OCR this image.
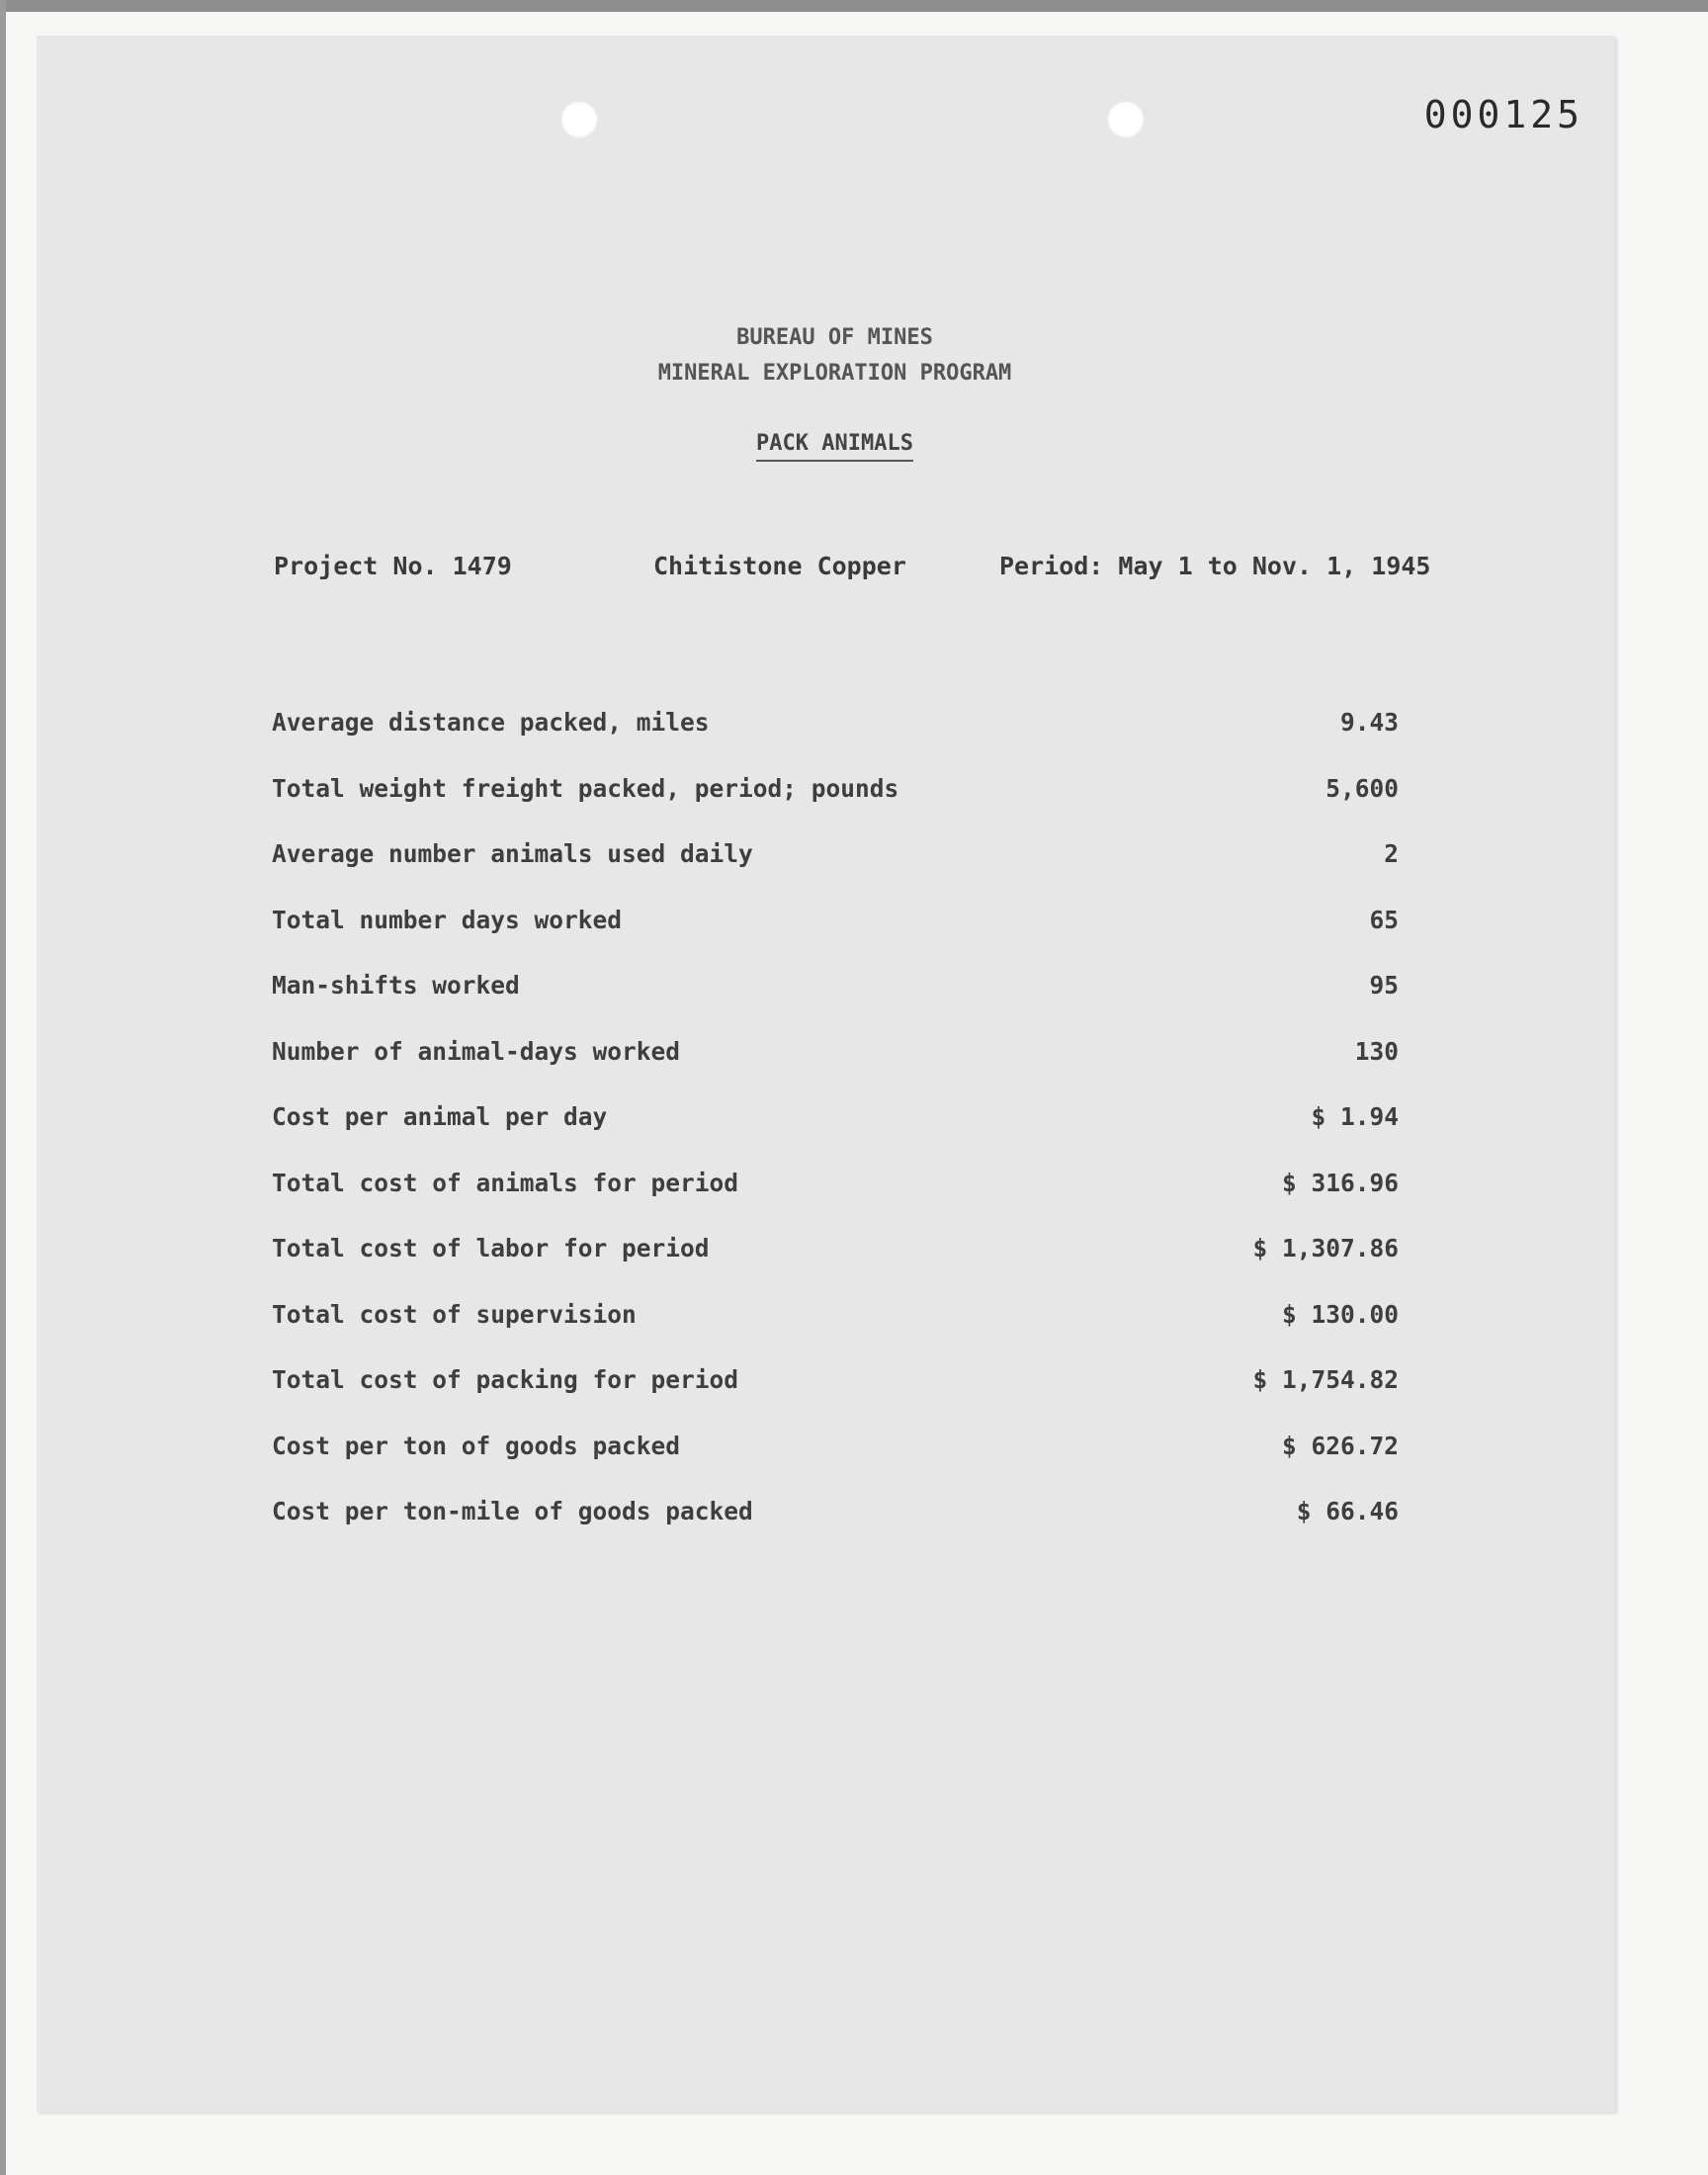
000125
BUREAU OF MINES
MINERAL EXPLORATION PROGRAM
PACK ANIMALS
Project No. 1479	Chitistone Copper	Period: May 1 to Nov. 1, 1945
Average distance packed, miles	9.43
Total weight freight packed, period; pounds	5,600
Average number animals used daily	2
Total number days worked	65
Man-shifts worked	95
Number of animal-days worked	130
Cost per animal per day	$ 1.94
Total cost of animals for period	$ 316.96
Total cost of labor for period	$ 1,307.86
Total cost of supervision	$ 130.00
Total cost of packing for period	$ 1,754.82
Cost per ton of goods packed	$ 626.72
Cost per ton-mile of goods packed	$ 66.46
